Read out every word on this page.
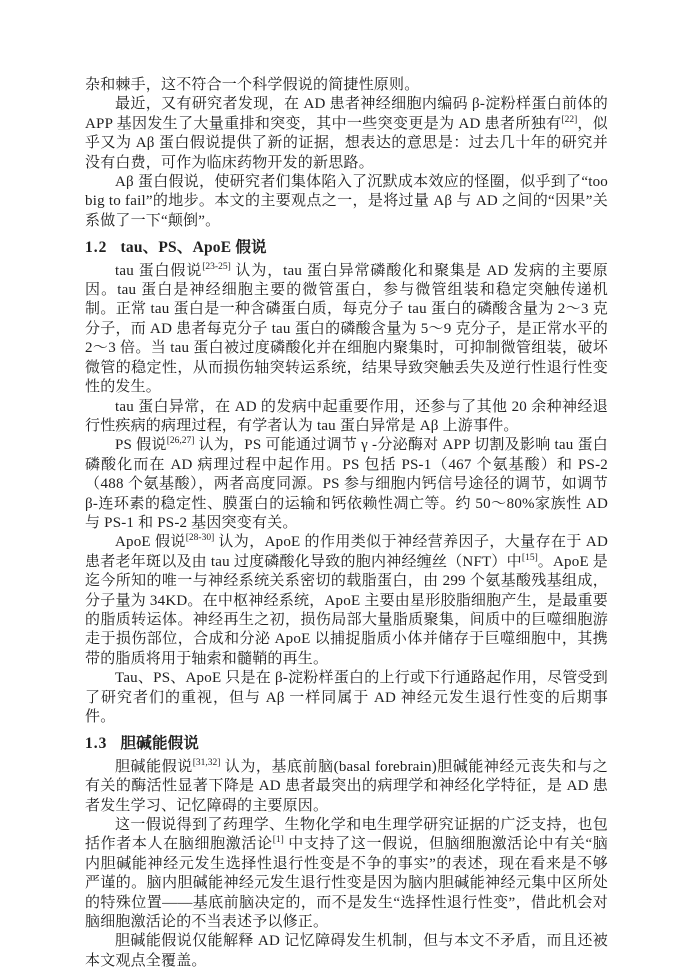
杂和棘手，这不符合一个科学假说的简捷性原则。

最近，又有研究者发现，在 AD 患者神经细胞内编码 β-淀粉样蛋白前体的 APP 基因发生了大量重排和突变，其中一些突变更是为 AD 患者所独有[22]，似乎又为 Aβ 蛋白假说提供了新的证据，想表达的意思是：过去几十年的研究并没有白费，可作为临床药物开发的新思路。

Aβ 蛋白假说，使研究者们集体陷入了沉默成本效应的怪圈，似乎到了“too big to fail”的地步。本文的主要观点之一，是将过量 Aβ 与 AD 之间的“因果”关系做了一下“颠倒”。

1.2 tau、PS、ApoE 假说

tau 蛋白假说[23-25] 认为，tau 蛋白异常磷酸化和聚集是 AD 发病的主要原因。tau 蛋白是神经细胞主要的微管蛋白，参与微管组装和稳定突触传递机制。正常 tau 蛋白是一种含磷蛋白质，每克分子 tau 蛋白的磷酸含量为 2～3 克分子，而 AD 患者每克分子 tau 蛋白的磷酸含量为 5～9 克分子，是正常水平的 2～3 倍。当 tau 蛋白被过度磷酸化并在细胞内聚集时，可抑制微管组装，破坏微管的稳定性，从而损伤轴突转运系统，结果导致突触丢失及逆行性退行性变性的发生。

tau 蛋白异常，在 AD 的发病中起重要作用，还参与了其他 20 余种神经退行性疾病的病理过程，有学者认为 tau 蛋白异常是 Aβ 上游事件。

PS 假说[26,27] 认为，PS 可能通过调节 γ -分泌酶对 APP 切割及影响 tau 蛋白磷酸化而在 AD 病理过程中起作用。PS 包括 PS-1（467 个氨基酸）和 PS-2（488 个氨基酸），两者高度同源。PS 参与细胞内钙信号途径的调节，如调节 β-连环素的稳定性、膜蛋白的运输和钙依赖性凋亡等。约 50～80%家族性 AD 与 PS-1 和 PS-2 基因突变有关。

ApoE 假说[28-30] 认为，ApoE 的作用类似于神经营养因子，大量存在于 AD 患者老年斑以及由 tau 过度磷酸化导致的胞内神经缠丝（NFT）中[15]。ApoE 是迄今所知的唯一与神经系统关系密切的载脂蛋白，由 299 个氨基酸残基组成，分子量为 34KD。在中枢神经系统，ApoE 主要由星形胶脂细胞产生，是最重要的脂质转运体。神经再生之初，损伤局部大量脂质聚集，间质中的巨噬细胞游走于损伤部位，合成和分泌 ApoE 以捕捉脂质小体并储存于巨噬细胞中，其携带的脂质将用于轴索和髓鞘的再生。

Tau、PS、ApoE 只是在 β-淀粉样蛋白的上行或下行通路起作用，尽管受到了研究者们的重视，但与 Aβ 一样同属于 AD 神经元发生退行性变的后期事件。

1.3 胆碱能假说

胆碱能假说[31,32] 认为，基底前脑(basal forebrain)胆碱能神经元丧失和与之有关的酶活性显著下降是 AD 患者最突出的病理学和神经化学特征，是 AD 患者发生学习、记忆障碍的主要原因。

这一假说得到了药理学、生物化学和电生理学研究证据的广泛支持，也包括作者本人在脑细胞激活论[1] 中支持了这一假说，但脑细胞激活论中有关“脑内胆碱能神经元发生选择性退行性变是不争的事实”的表述，现在看来是不够严谨的。脑内胆碱能神经元发生退行性变是因为脑内胆碱能神经元集中区所处的特殊位置——基底前脑决定的，而不是发生“选择性退行性变”，借此机会对脑细胞激活论的不当表述予以修正。

胆碱能假说仅能解释 AD 记忆障碍发生机制，但与本文不矛盾，而且还被本文观点全覆盖。
